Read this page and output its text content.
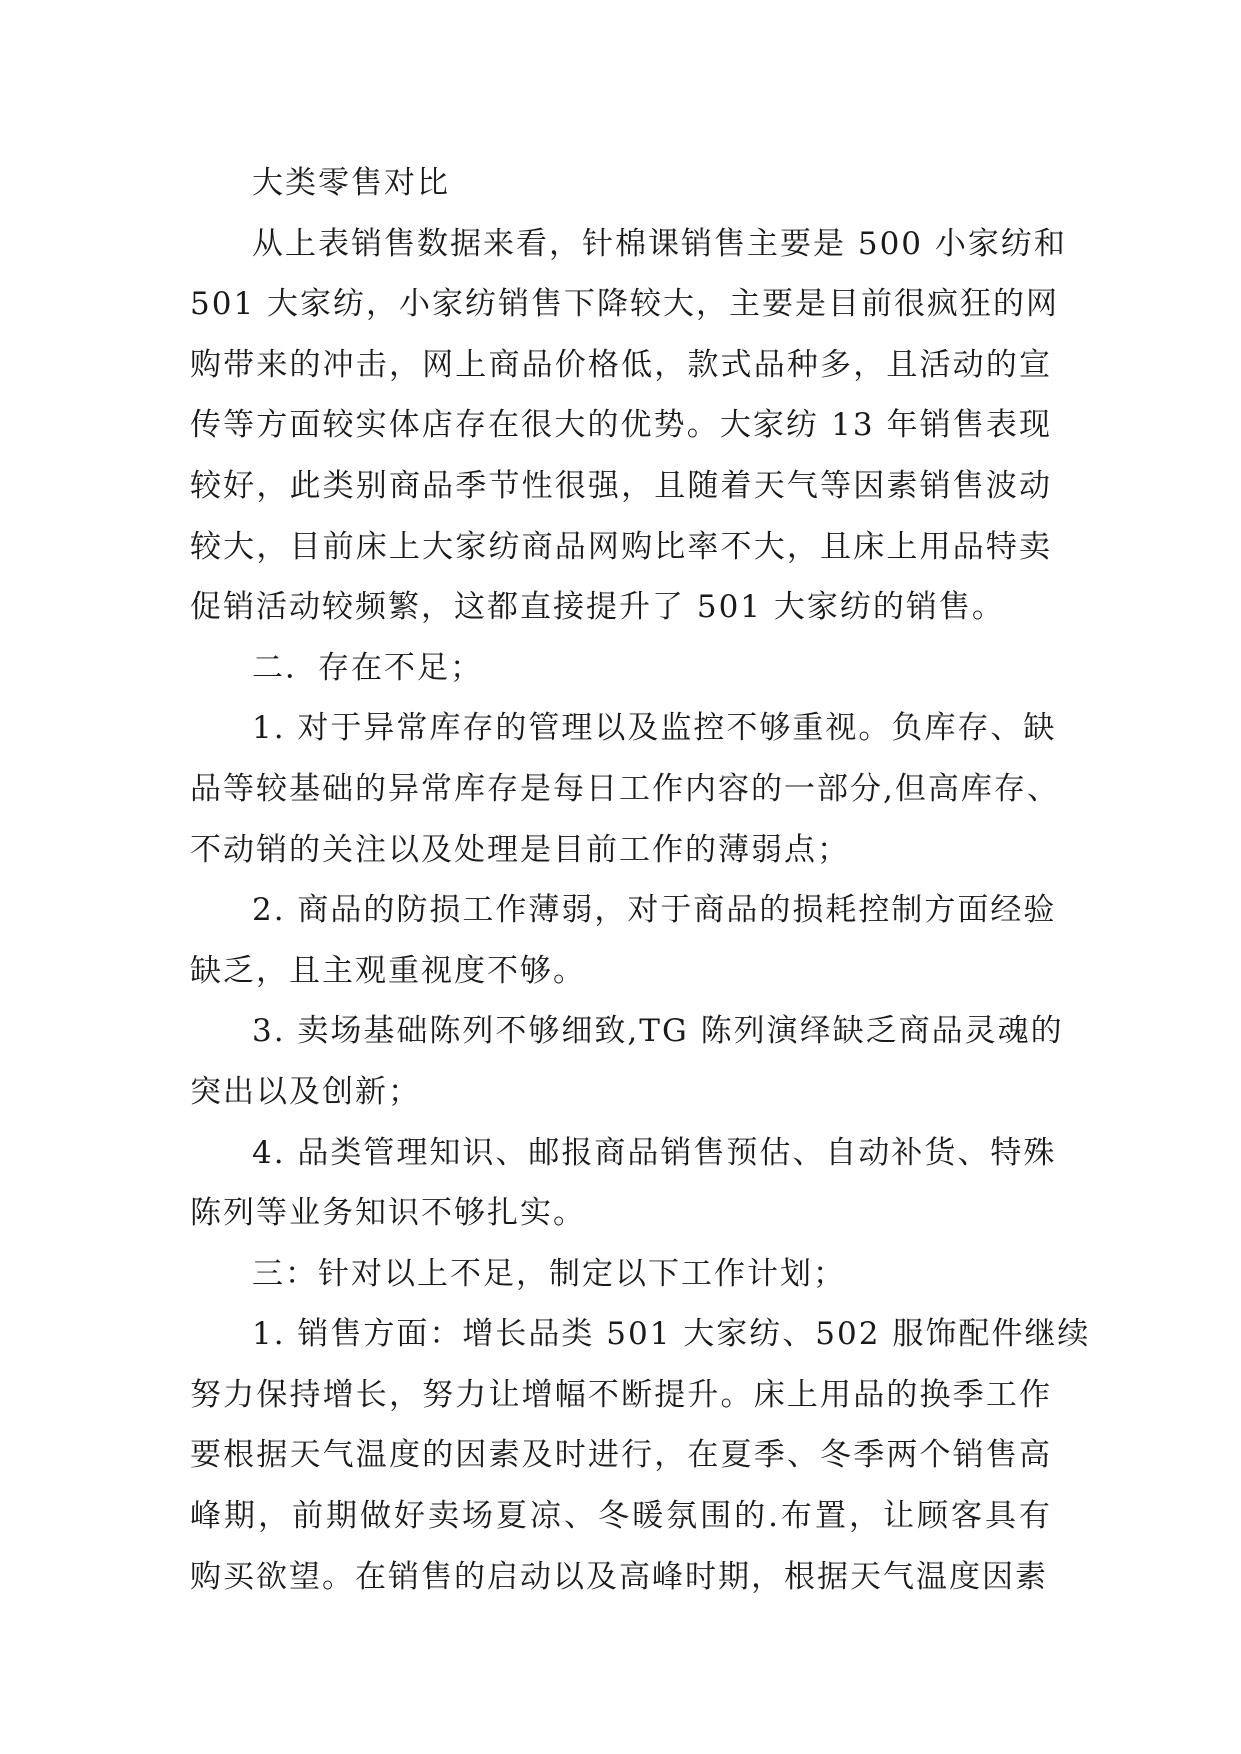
大类零售对比
从上表销售数据来看，针棉课销售主要是 500 小家纺和
501 大家纺，小家纺销售下降较大，主要是目前很疯狂的网
购带来的冲击，网上商品价格低，款式品种多，且活动的宣
传等方面较实体店存在很大的优势。大家纺 13 年销售表现
较好，此类别商品季节性很强，且随着天气等因素销售波动
较大，目前床上大家纺商品网购比率不大，且床上用品特卖
促销活动较频繁，这都直接提升了 501 大家纺的销售。
二．存在不足；
1. 对于异常库存的管理以及监控不够重视。负库存、缺
品等较基础的异常库存是每日工作内容的一部分,但高库存、
不动销的关注以及处理是目前工作的薄弱点；
2. 商品的防损工作薄弱，对于商品的损耗控制方面经验
缺乏，且主观重视度不够。
3. 卖场基础陈列不够细致,TG 陈列演绎缺乏商品灵魂的
突出以及创新；
4. 品类管理知识、邮报商品销售预估、自动补货、特殊
陈列等业务知识不够扎实。
三：针对以上不足，制定以下工作计划；
1. 销售方面：增长品类 501 大家纺、502 服饰配件继续
努力保持增长，努力让增幅不断提升。床上用品的换季工作
要根据天气温度的因素及时进行，在夏季、冬季两个销售高
峰期，前期做好卖场夏凉、冬暖氛围的.布置，让顾客具有
购买欲望。在销售的启动以及高峰时期，根据天气温度因素
